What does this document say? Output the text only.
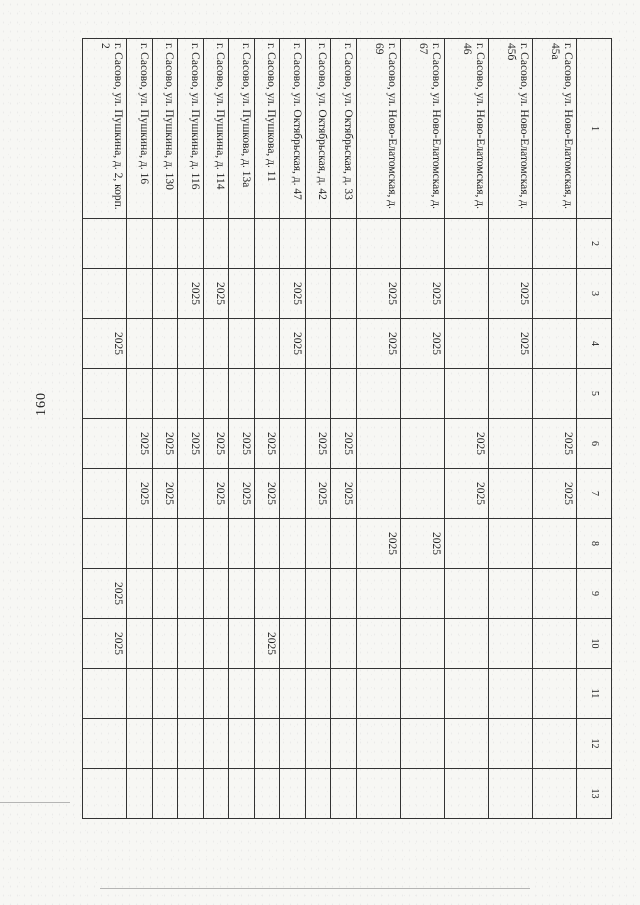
160
1	2	3	4	5	6	7	8	9	10	11	12	13
г. Сасово, ул. Ново-Елатомская, д. 45а					2025	2025						
г. Сасово, ул. Ново-Елатомская, д. 45б		2025	2025									
г. Сасово, ул. Ново-Елатомская, д. 46					2025	2025						
г. Сасово, ул. Ново-Елатомская, д. 67		2025	2025				2025					
г. Сасово, ул. Ново-Елатомская, д. 69		2025	2025				2025					
г. Сасово, ул. Октябрьская, д. 33					2025	2025						
г. Сасово, ул. Октябрьская, д. 42					2025	2025						
г. Сасово, ул. Октябрьская, д. 47		2025	2025									
г. Сасово, ул. Пушкова, д. 11					2025	2025			2025			
г. Сасово, ул. Пушкова, д. 13а					2025	2025						
г. Сасово, ул. Пушкина, д. 114		2025			2025	2025						
г. Сасово, ул. Пушкина, д. 116		2025			2025							
г. Сасово, ул. Пушкина, д. 130					2025	2025						
г. Сасово, ул. Пушкина, д. 16					2025	2025						
г. Сасово, ул. Пушкина, д. 2, корп. 2			2025					2025	2025			
